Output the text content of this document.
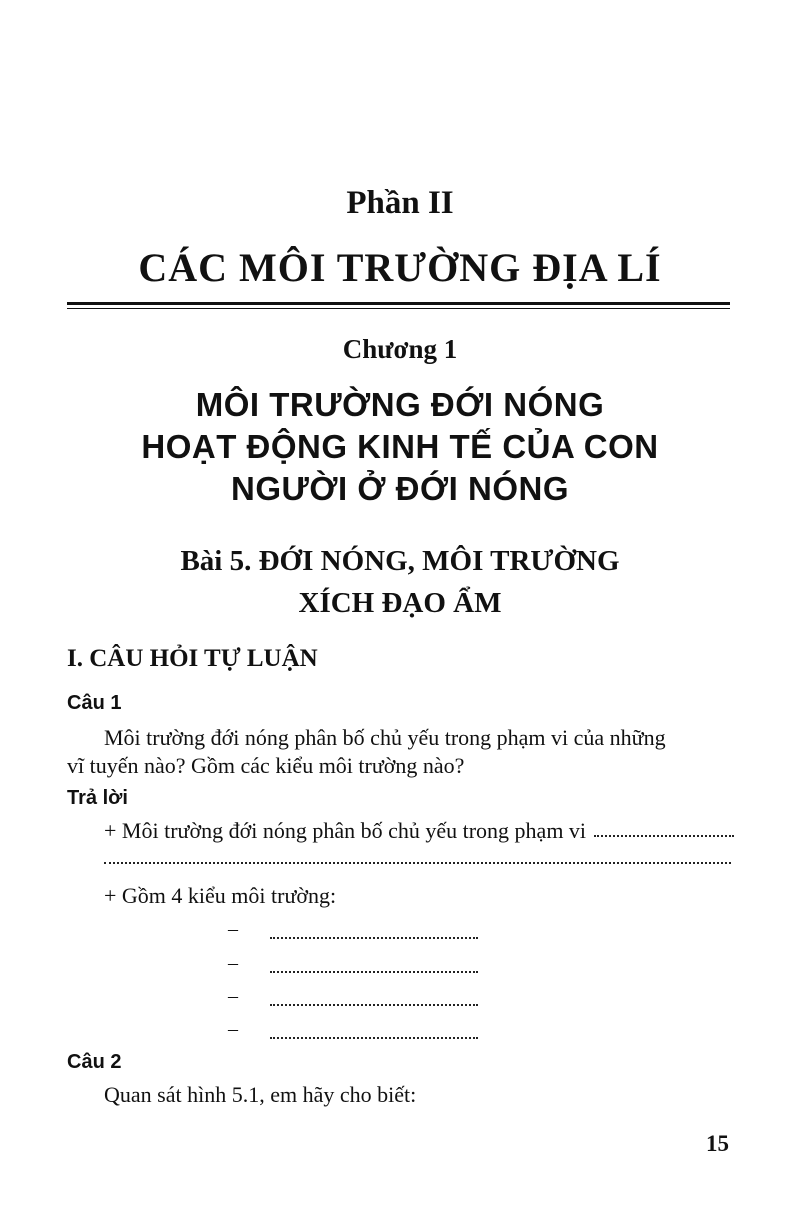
Phần II
CÁC MÔI TRƯỜNG ĐỊA LÍ
Chương 1
MÔI TRƯỜNG ĐỚI NÓNG
HOẠT ĐỘNG KINH TẾ CỦA CON
NGƯỜI Ở ĐỚI NÓNG
Bài 5. ĐỚI NÓNG, MÔI TRƯỜNG
XÍCH ĐẠO ẨM
I. CÂU HỎI TỰ LUẬN
Câu 1
Môi trường đới nóng phân bố chủ yếu trong phạm vi của những
vĩ tuyến nào? Gồm các kiểu môi trường nào?
Trả lời
+ Môi trường đới nóng phân bố chủ yếu trong phạm vi
+ Gồm 4 kiểu môi trường:
–
–
–
–
Câu 2
Quan sát hình 5.1, em hãy cho biết:
15
